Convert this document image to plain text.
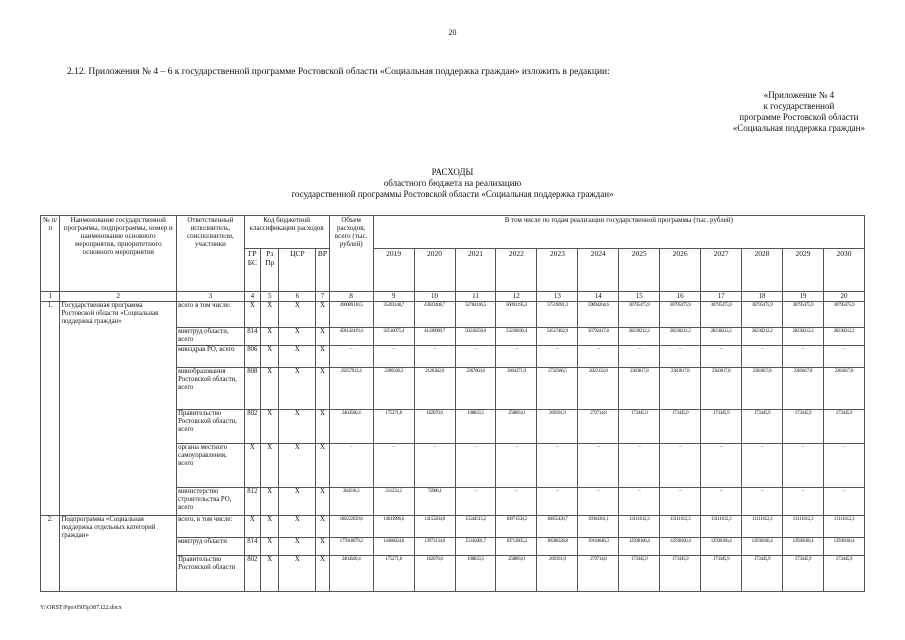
20
2.12. Приложения № 4 – 6 к государственной программе Ростовской области «Социальная поддержка граждан» изложить в редакции:
«Приложение № 4
к государственной
программе Ростовской области
«Социальная поддержка граждан»
РАСХОДЫ
областного бюджета на реализацию
государственной программы Ростовской области «Социальная поддержка граждан»
№ п/п	Наименование государственной программы, подпрограммы, номер и наименование основного мероприятия, приоритетного основного мероприятия	Ответственный исполнитель, соисполнители, участники	Код бюджетной классификации расходов				Объем расходов, всего (тыс. рублей)	В том числе по годам реализации государственной программы (тыс. рублей)											
			ГР БС	Рз Пр	ЦСР	ВР		2019	2020	2021	2022	2023	2024	2025	2026	2027	2028	2029	2030
1	2	3	4	5	6	7	8	9	10	11	12	13	14	15	16	17	18	19	20
1.	Государственная программа Ростовской области «Социальная поддержка граждан»	всего в том числе:	X	X	X	X	490089110,5	35203148,7	43822408,7	52784146,5	56093195,3	57519091,3	59894264,6	30795475,9	30795475,9	30795475,9	30795475,9	30795475,9	30795475,9
		минтруд области, всего	814	X	X	X	458142419,4	32516075,4	41438969,7	50218250,0	53230030,4	54517402,9	56792417,8	28238212,2	28238212,2	28238212,2	28238212,2	28238212,2	28238212,2
		минздрав РО, всего	806	X	X	X	–	–	–	–	–	–	–	–	–	–	–	–	–
		минобразования Ростовской области, всего	808	X	X	X	29257912,4	2300569,3	2128382,9	2367063,0	2604271,9	2732586,5	2822132,0	2383817,8	2383817,8	2383817,8	2383817,8	2383817,8	2383817,8
		Правительство Ростовской области, всего	802	X	X	X	2404560,4	175271,8	182070,0	198833,5	258893,0	269101,9	279714,8	173445,9	173445,9	173445,9	173445,9	173445,9	173445,9
		органы местного самоуправления, всего	X	X	X	X	–	–	–	–	–	–	–	–	–	–	–	–	–
		министерство строительства РО, всего	812	X	X	X	284218,3	211232,2	72986,1	–	–	–	–	–	–	–	–	–	–
2.	Подпрограмма «Социальная поддержка отдельных категорий граждан»	всего, в том числе:	X	X	X	X	180222639,6	14641896,6	14155204,0	15544515,2	18971558,2	18855430,7	19384361,1	13111612,3	13111612,3	13111612,3	13111612,3	13111612,3	13111612,3
		минтруд области	814	X	X	X	177818079,2	14466624,8	13973134,0	15345681,7	18712665,2	18586328,8	19104646,3	12938166,4	12938166,4	12938166,4	12938166,4	12938166,4	12938166,4
		Правительство Ростовской области	802	X	X	X	2404560,4	175271,8	182070,0	198833,5	258893,0	269101,9	279714,8	173445,9	173445,9	173445,9	173445,9	173445,9	173445,9
Y:\ORST\Ppo\0505p387.f22.docx
